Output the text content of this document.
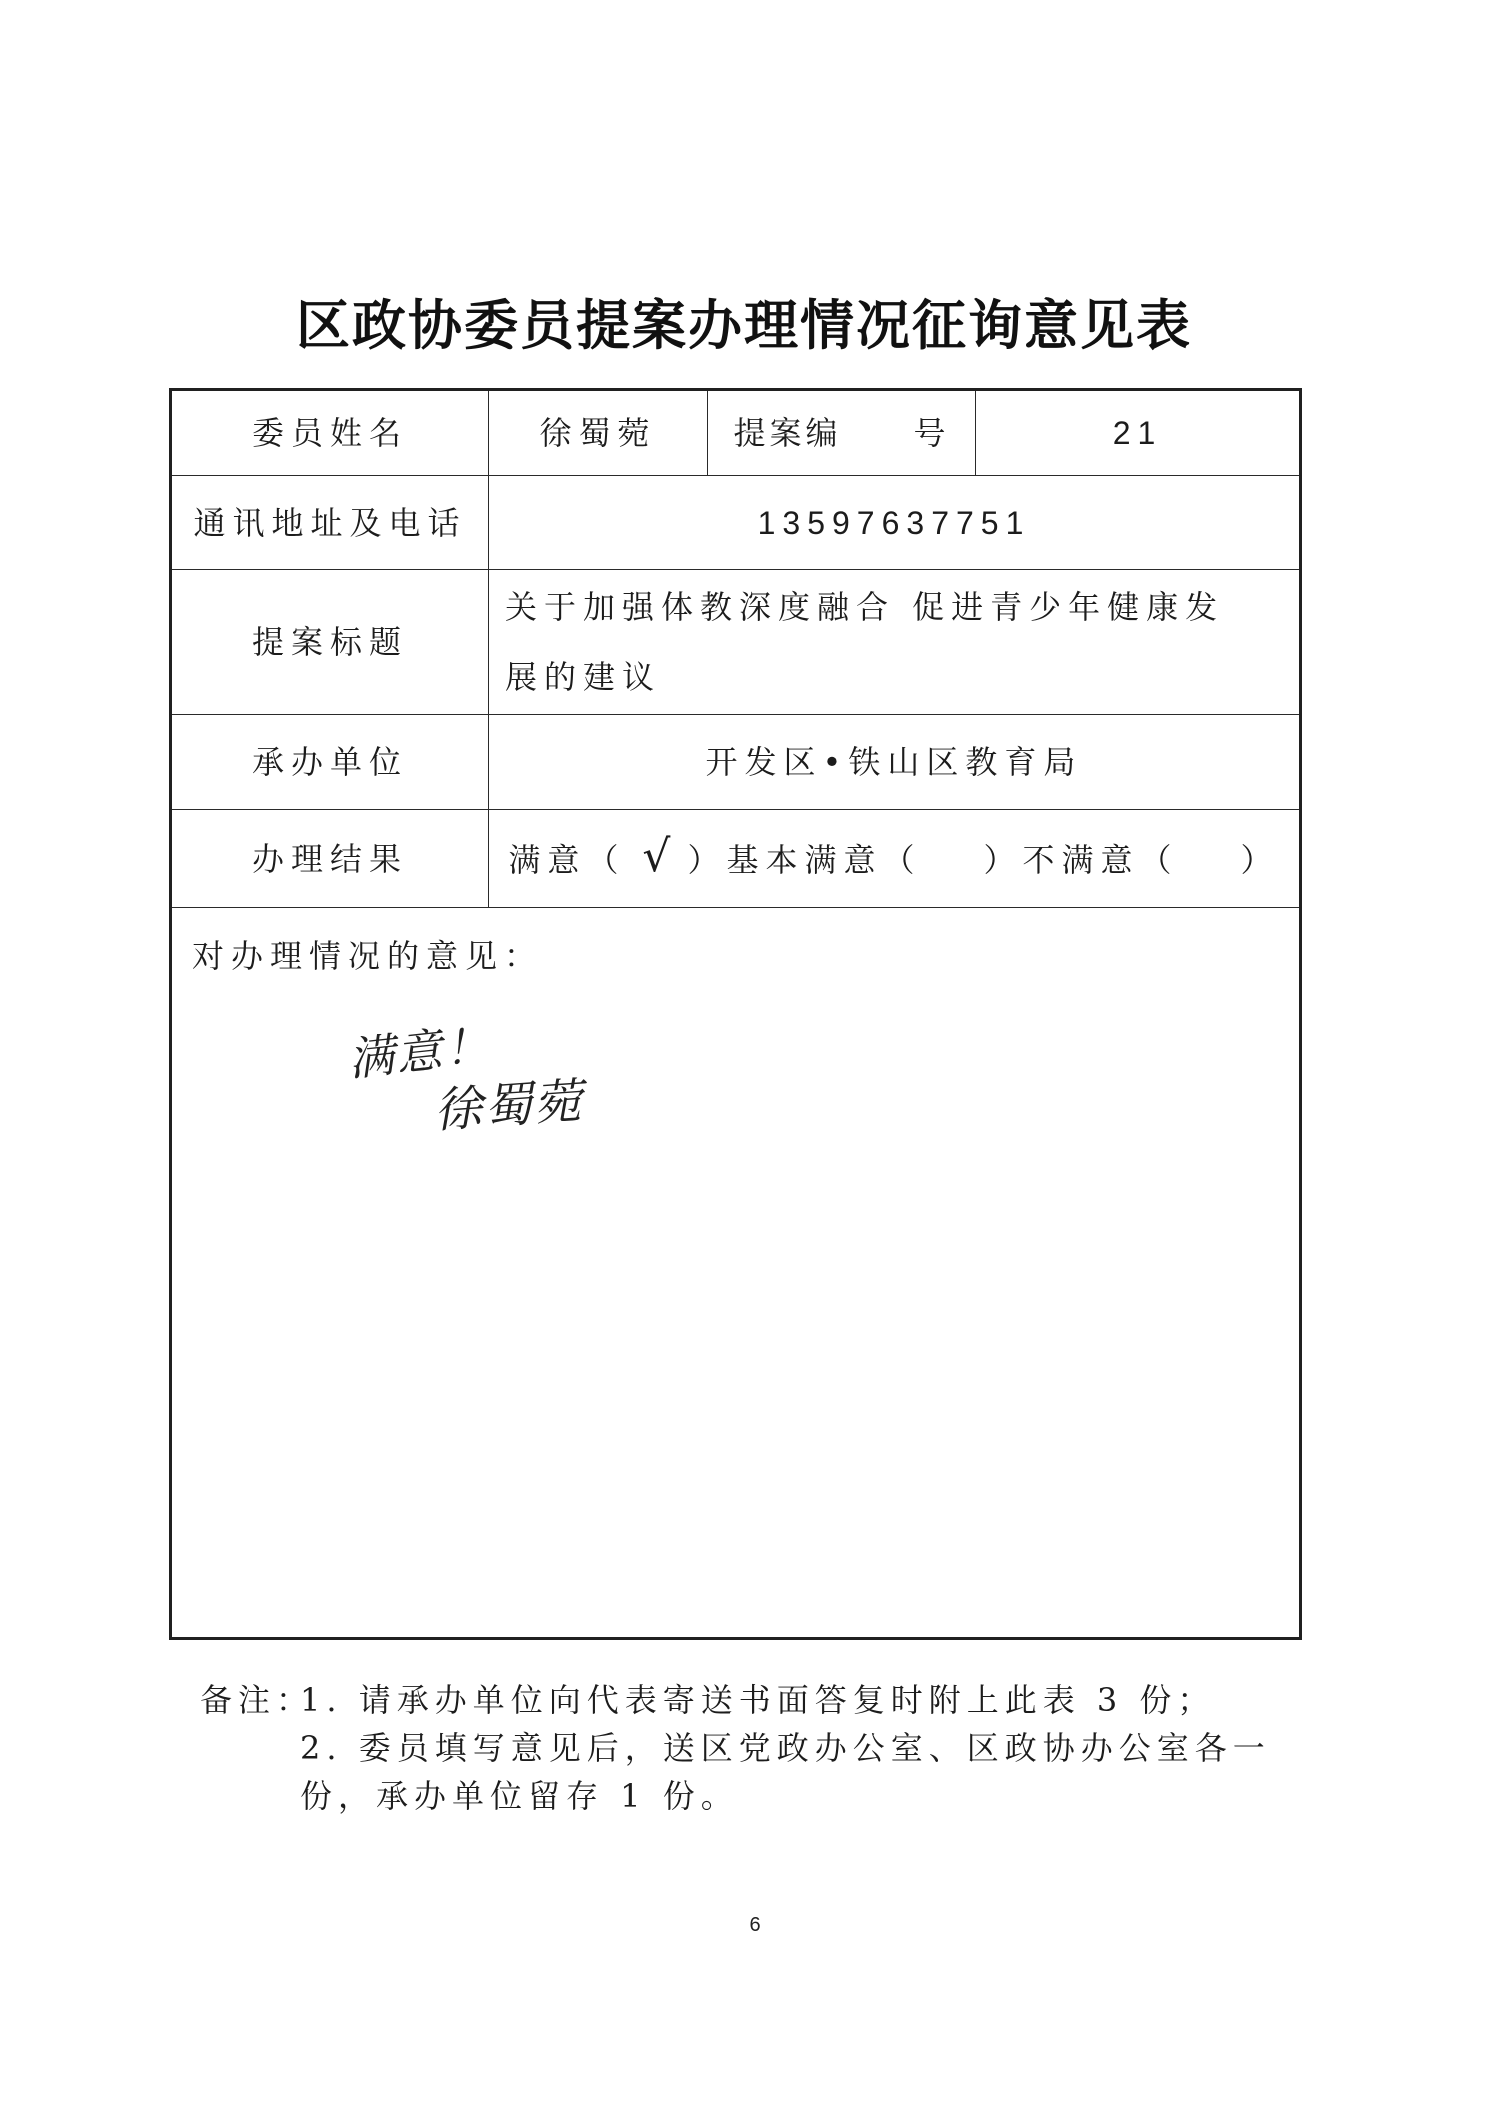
区政协委员提案办理情况征询意见表
委员姓名	徐蜀菀	提案编　　号	21
通讯地址及电话	13597637751		
提案标题	关于加强体教深度融合 促进青少年健康发展的建议		
承办单位	开发区•铁山区教育局		
办理结果	满意（ √ ）基本满意（ ）不满意（ ）		

对办理情况的意见：
满意！
徐蜀菀			
备注：
1. 请承办单位向代表寄送书面答复时附上此表 3 份；
2. 委员填写意见后，送区党政办公室、区政协办公室各一
份，承办单位留存 1 份。
6
